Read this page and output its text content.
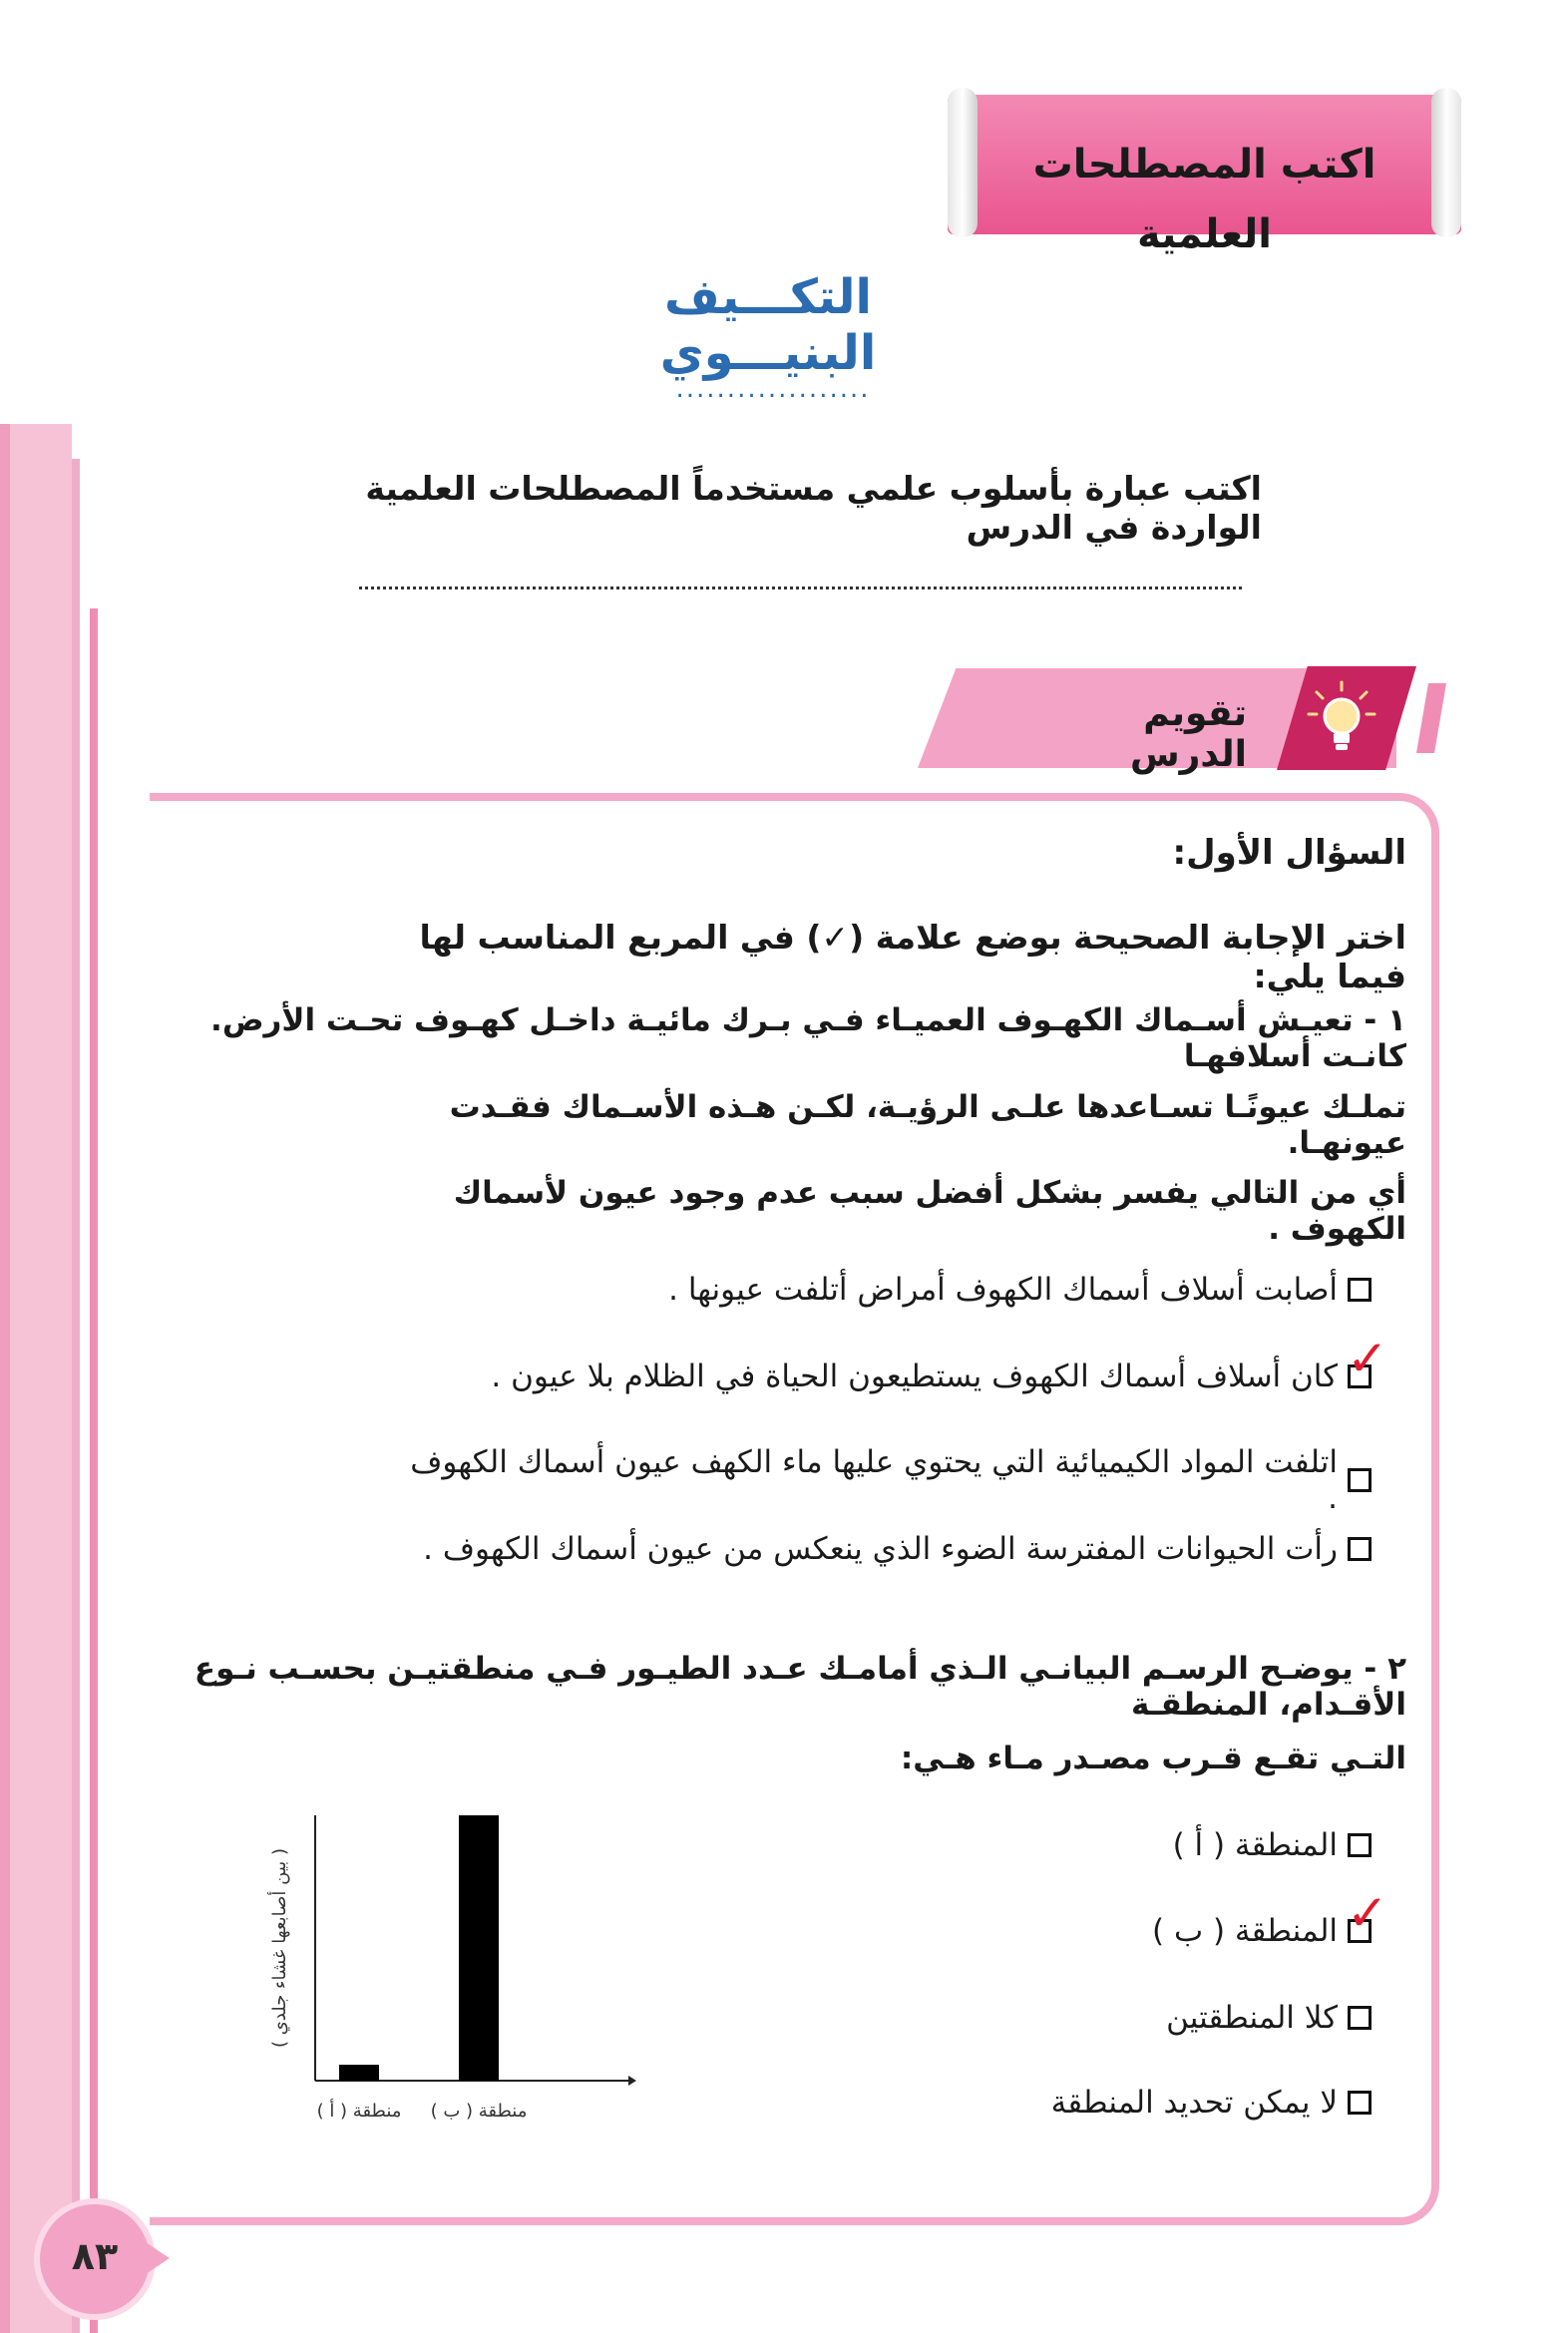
اكتب المصطلحات العلمية
التكـــيف البنيـــوي
...................
اكتب عبارة بأسلوب علمي مستخدماً المصطلحات العلمية الواردة في الدرس
تقويم الدرس
السؤال الأول:
اختر الإجابة الصحيحة بوضع علامة (✓) في المربع المناسب لها فيما يلي:
١ - تعيـش أسـماك الكهـوف العميـاء فـي بـرك مائيـة داخـل كهـوف تحـت الأرض. كانـت أسلافهـا
تملـك عيونًـا تسـاعدها علـى الرؤيـة، لكـن هـذه الأسـماك فقـدت عيونهـا.
أي من التالي يفسر بشكل أفضل سبب عدم وجود عيون لأسماك الكهوف .
أصابت أسلاف أسماك الكهوف أمراض أتلفت عيونها .
✓
كان أسلاف أسماك الكهوف يستطيعون الحياة في الظلام بلا عيون .
اتلفت المواد الكيميائية التي يحتوي عليها ماء الكهف عيون أسماك الكهوف .
رأت الحيوانات المفترسة الضوء الذي ينعكس من عيون أسماك الكهوف .
٢ - يوضـح الرسـم البيانـي الـذي أمامـك عـدد الطيـور فـي منطقتيـن بحسـب نـوع الأقـدام، المنطقـة
التـي تقـع قـرب مصـدر مـاء هـي:
المنطقة ( أ )
✓
المنطقة ( ب )
كلا المنطقتين
لا يمكن تحديد المنطقة
( بين أصابعها غشاء جلدي )
منطقة ( أ ) منطقة ( ب )
٨٣
